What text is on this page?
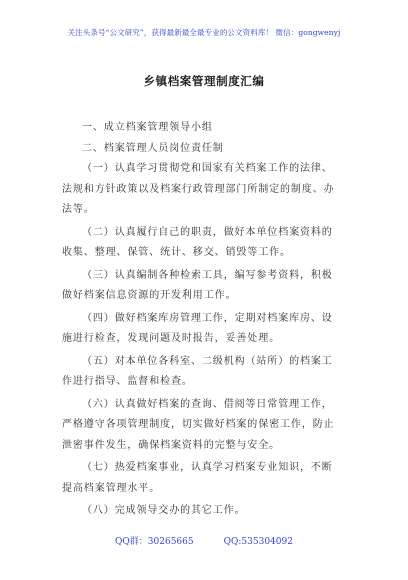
关注头条号“公文研究”，获得最新最全最专业的公文资料库！ 微信：gongwenyj
乡镇档案管理制度汇编
一、成立档案管理领导小组
二、档案管理人员岗位责任制
（一）认真学习贯彻党和国家有关档案工作的法律、
法规和方针政策以及档案行政管理部门所制定的制度、办
法等。
（二）认真履行自己的职责，做好本单位档案资料的
收集、整理、保管、统计、移交、销毁等工作。
（三）认真编制各种检索工具，编写参考资料，积极
做好档案信息资源的开发利用工作。
（四）做好档案库房管理工作，定期对档案库房、设
施进行检查，发现问题及时报告，妥善处理。
（五）对本单位各科室、二级机构（站所）的档案工
作进行指导、监督和检查。
（六）认真做好档案的查询、借阅等日常管理工作，
严格遵守各项管理制度，切实做好档案的保密工作，防止
泄密事件发生，确保档案资料的完整与安全。
（七）热爱档案事业，认真学习档案专业知识，不断
提高档案管理水平。
（八）完成领导交办的其它工作。
QQ群：30265665	QQ:535304092
